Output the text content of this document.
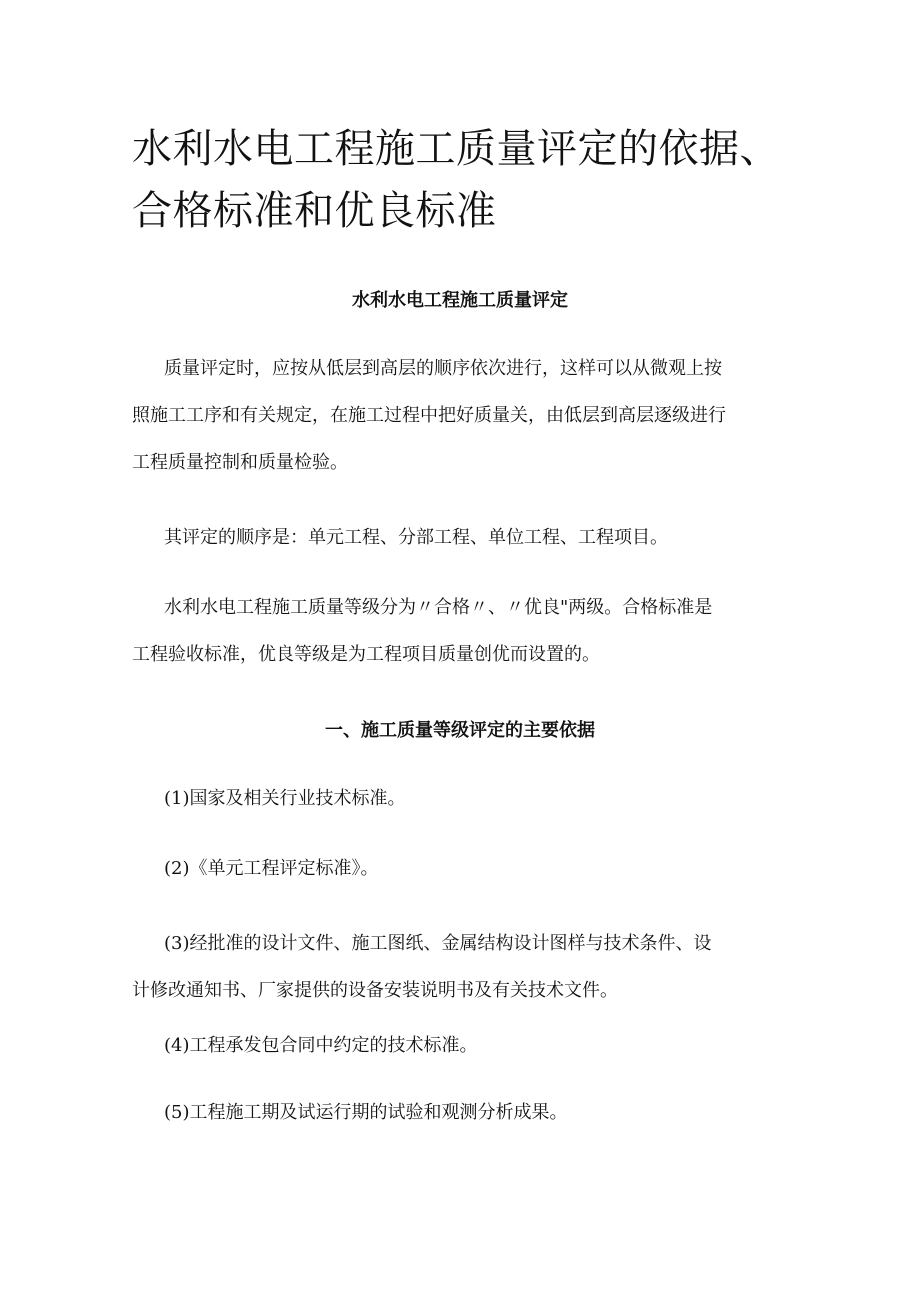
水利水电工程施工质量评定的依据、
合格标准和优良标准
水利水电工程施工质量评定

质量评定时，应按从低层到高层的顺序依次进行，这样可以从微观上按
照施工工序和有关规定，在施工过程中把好质量关，由低层到高层逐级进行
工程质量控制和质量检验。

其评定的顺序是：单元工程、分部工程、单位工程、工程项目。

水利水电工程施工质量等级分为〃合格〃、〃优良"两级。合格标准是
工程验收标准，优良等级是为工程项目质量创优而设置的。

一、施工质量等级评定的主要依据

(1)国家及相关行业技术标准。

(2)《单元工程评定标准》。

(3)经批准的设计文件、施工图纸、金属结构设计图样与技术条件、设
计修改通知书、厂家提供的设备安装说明书及有关技术文件。

(4)工程承发包合同中约定的技术标准。

(5)工程施工期及试运行期的试验和观测分析成果。
